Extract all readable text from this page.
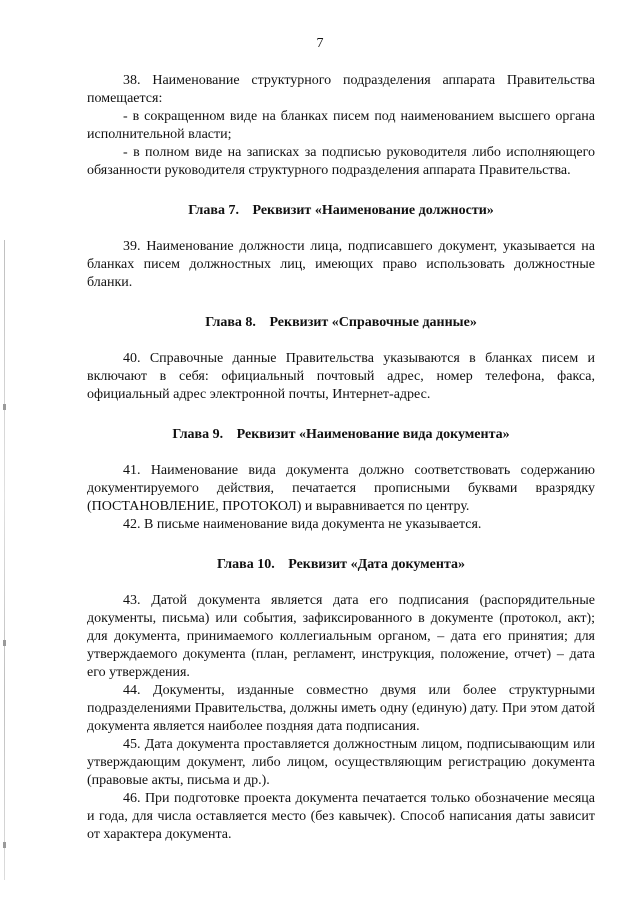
7

38. Наименование структурного подразделения аппарата Правительства помещается:

- в сокращенном виде на бланках писем под наименованием высшего органа исполнительной власти;

- в полном виде на записках за подписью руководителя либо исполняющего обязанности руководителя структурного подразделения аппарата Правительства.

Глава 7. Реквизит «Наименование должности»

39. Наименование должности лица, подписавшего документ, указывается на бланках писем должностных лиц, имеющих право использовать должностные бланки.

Глава 8. Реквизит «Справочные данные»

40. Справочные данные Правительства указываются в бланках писем и включают в себя: официальный почтовый адрес, номер телефона, факса, официальный адрес электронной почты, Интернет-адрес.

Глава 9. Реквизит «Наименование вида документа»

41. Наименование вида документа должно соответствовать содержанию документируемого действия, печатается прописными буквами вразрядку (ПОСТАНОВЛЕНИЕ, ПРОТОКОЛ) и выравнивается по центру.

42. В письме наименование вида документа не указывается.

Глава 10. Реквизит «Дата документа»

43. Датой документа является дата его подписания (распорядительные документы, письма) или события, зафиксированного в документе (протокол, акт); для документа, принимаемого коллегиальным органом, – дата его принятия; для утверждаемого документа (план, регламент, инструкция, положение, отчет) – дата его утверждения.

44. Документы, изданные совместно двумя или более структурными подразделениями Правительства, должны иметь одну (единую) дату. При этом датой документа является наиболее поздняя дата подписания.

45. Дата документа проставляется должностным лицом, подписывающим или утверждающим документ, либо лицом, осуществляющим регистрацию документа (правовые акты, письма и др.).

46. При подготовке проекта документа печатается только обозначение месяца и года, для числа оставляется место (без кавычек). Способ написания даты зависит от характера документа.
